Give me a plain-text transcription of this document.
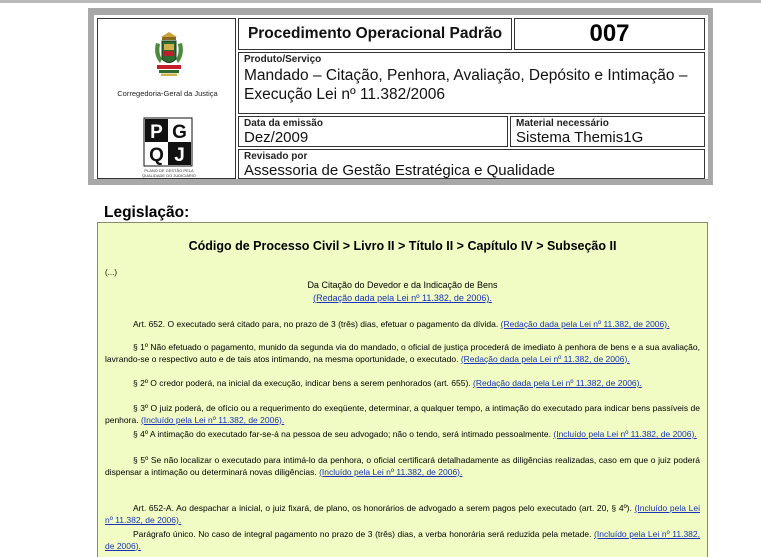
Corregedoria-Geral da Justiça
P G
Q J
PLANO DE GESTÃO PELA QUALIDADE DO JUDICIÁRIO
Procedimento Operacional Padrão	007
Produto/Serviço
Mandado – Citação, Penhora, Avaliação, Depósito e Intimação – Execução Lei nº 11.382/2006
Data da emissão
Dez/2009
Material necessário
Sistema Themis1G
Revisado por
Assessoria de Gestão Estratégica e Qualidade
Legislação:
Código de Processo Civil > Livro II > Título II > Capítulo IV > Subseção II
(...)
Da Citação do Devedor e da Indicação de Bens
(Redação dada pela Lei nº 11.382, de 2006).
Art. 652. O executado será citado para, no prazo de 3 (três) dias, efetuar o pagamento da dívida. (Redação dada pela Lei nº 11.382, de 2006).
§ 1º Não efetuado o pagamento, munido da segunda via do mandado, o oficial de justiça procederá de imediato à penhora de bens e a sua avaliação, lavrando-se o respectivo auto e de tais atos intimando, na mesma oportunidade, o executado. (Redação dada pela Lei nº 11.382, de 2006).
§ 2º O credor poderá, na inicial da execução, indicar bens a serem penhorados (art. 655). (Redação dada pela Lei nº 11.382, de 2006).
§ 3º O juiz poderá, de ofício ou a requerimento do exeqüente, determinar, a qualquer tempo, a intimação do executado para indicar bens passíveis de penhora. (Incluído pela Lei nº 11.382, de 2006).
§ 4º A intimação do executado far-se-á na pessoa de seu advogado; não o tendo, será intimado pessoalmente. (Incluído pela Lei nº 11.382, de 2006).
§ 5º Se não localizar o executado para intimá-lo da penhora, o oficial certificará detalhadamente as diligências realizadas, caso em que o juiz poderá dispensar a intimação ou determinará novas diligências. (Incluído pela Lei nº 11.382, de 2006).
Art. 652-A. Ao despachar a inicial, o juiz fixará, de plano, os honorários de advogado a serem pagos pelo executado (art. 20, § 4º). (Incluído pela Lei nº 11.382, de 2006).
Parágrafo único. No caso de integral pagamento no prazo de 3 (três) dias, a verba honorária será reduzida pela metade. (Incluído pela Lei nº 11.382, de 2006).
